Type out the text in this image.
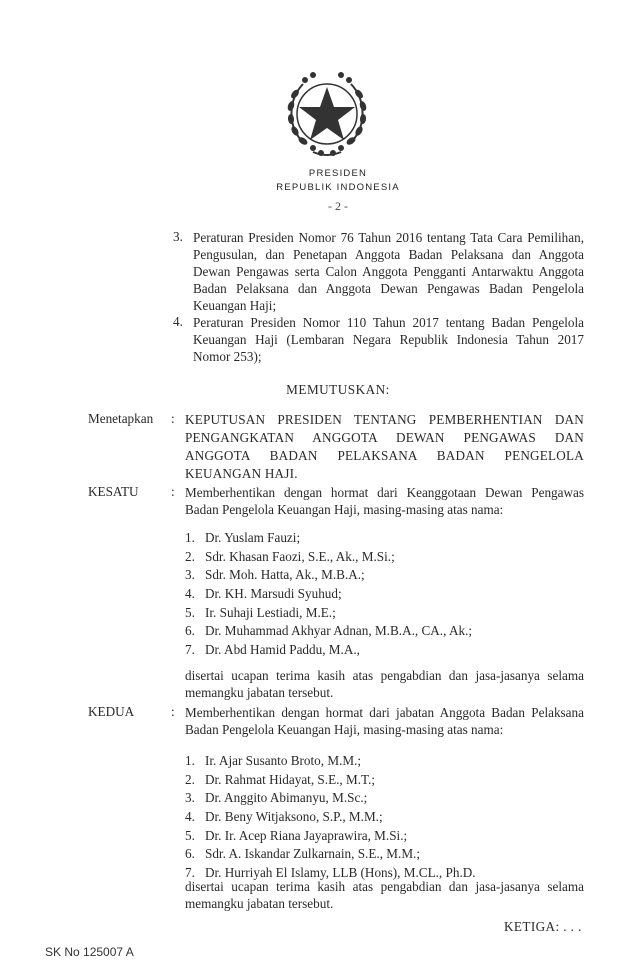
PRESIDEN
REPUBLIK INDONESIA
- 2 -
3. Peraturan Presiden Nomor 76 Tahun 2016 tentang Tata Cara Pemilihan, Pengusulan, dan Penetapan Anggota Badan Pelaksana dan Anggota Dewan Pengawas serta Calon Anggota Pengganti Antarwaktu Anggota Badan Pelaksana dan Anggota Dewan Pengawas Badan Pengelola Keuangan Haji;
4. Peraturan Presiden Nomor 110 Tahun 2017 tentang Badan Pengelola Keuangan Haji (Lembaran Negara Republik Indonesia Tahun 2017 Nomor 253);
MEMUTUSKAN:
Menetapkan : KEPUTUSAN PRESIDEN TENTANG PEMBERHENTIAN DAN PENGANGKATAN ANGGOTA DEWAN PENGAWAS DAN ANGGOTA BADAN PELAKSANA BADAN PENGELOLA KEUANGAN HAJI.
KESATU : Memberhentikan dengan hormat dari Keanggotaan Dewan Pengawas Badan Pengelola Keuangan Haji, masing-masing atas nama:
1. Dr. Yuslam Fauzi;
2. Sdr. Khasan Faozi, S.E., Ak., M.Si.;
3. Sdr. Moh. Hatta, Ak., M.B.A.;
4. Dr. KH. Marsudi Syuhud;
5. Ir. Suhaji Lestiadi, M.E.;
6. Dr. Muhammad Akhyar Adnan, M.B.A., CA., Ak.;
7. Dr. Abd Hamid Paddu, M.A.,
disertai ucapan terima kasih atas pengabdian dan jasa-jasanya selama memangku jabatan tersebut.
KEDUA	: Memberhentikan dengan hormat dari jabatan Anggota Badan Pelaksana Badan Pengelola Keuangan Haji, masing-masing atas nama:
1. Ir. Ajar Susanto Broto, M.M.;
2. Dr. Rahmat Hidayat, S.E., M.T.;
3. Dr. Anggito Abimanyu, M.Sc.;
4. Dr. Beny Witjaksono, S.P., M.M.;
5. Dr. Ir. Acep Riana Jayaprawira, M.Si.;
6. Sdr. A. Iskandar Zulkarnain, S.E., M.M.;
7. Dr. Hurriyah El Islamy, LLB (Hons), M.CL., Ph.D.
disertai ucapan terima kasih atas pengabdian dan jasa-jasanya selama memangku jabatan tersebut.
KETIGA: . . .
SK No 125007 A
